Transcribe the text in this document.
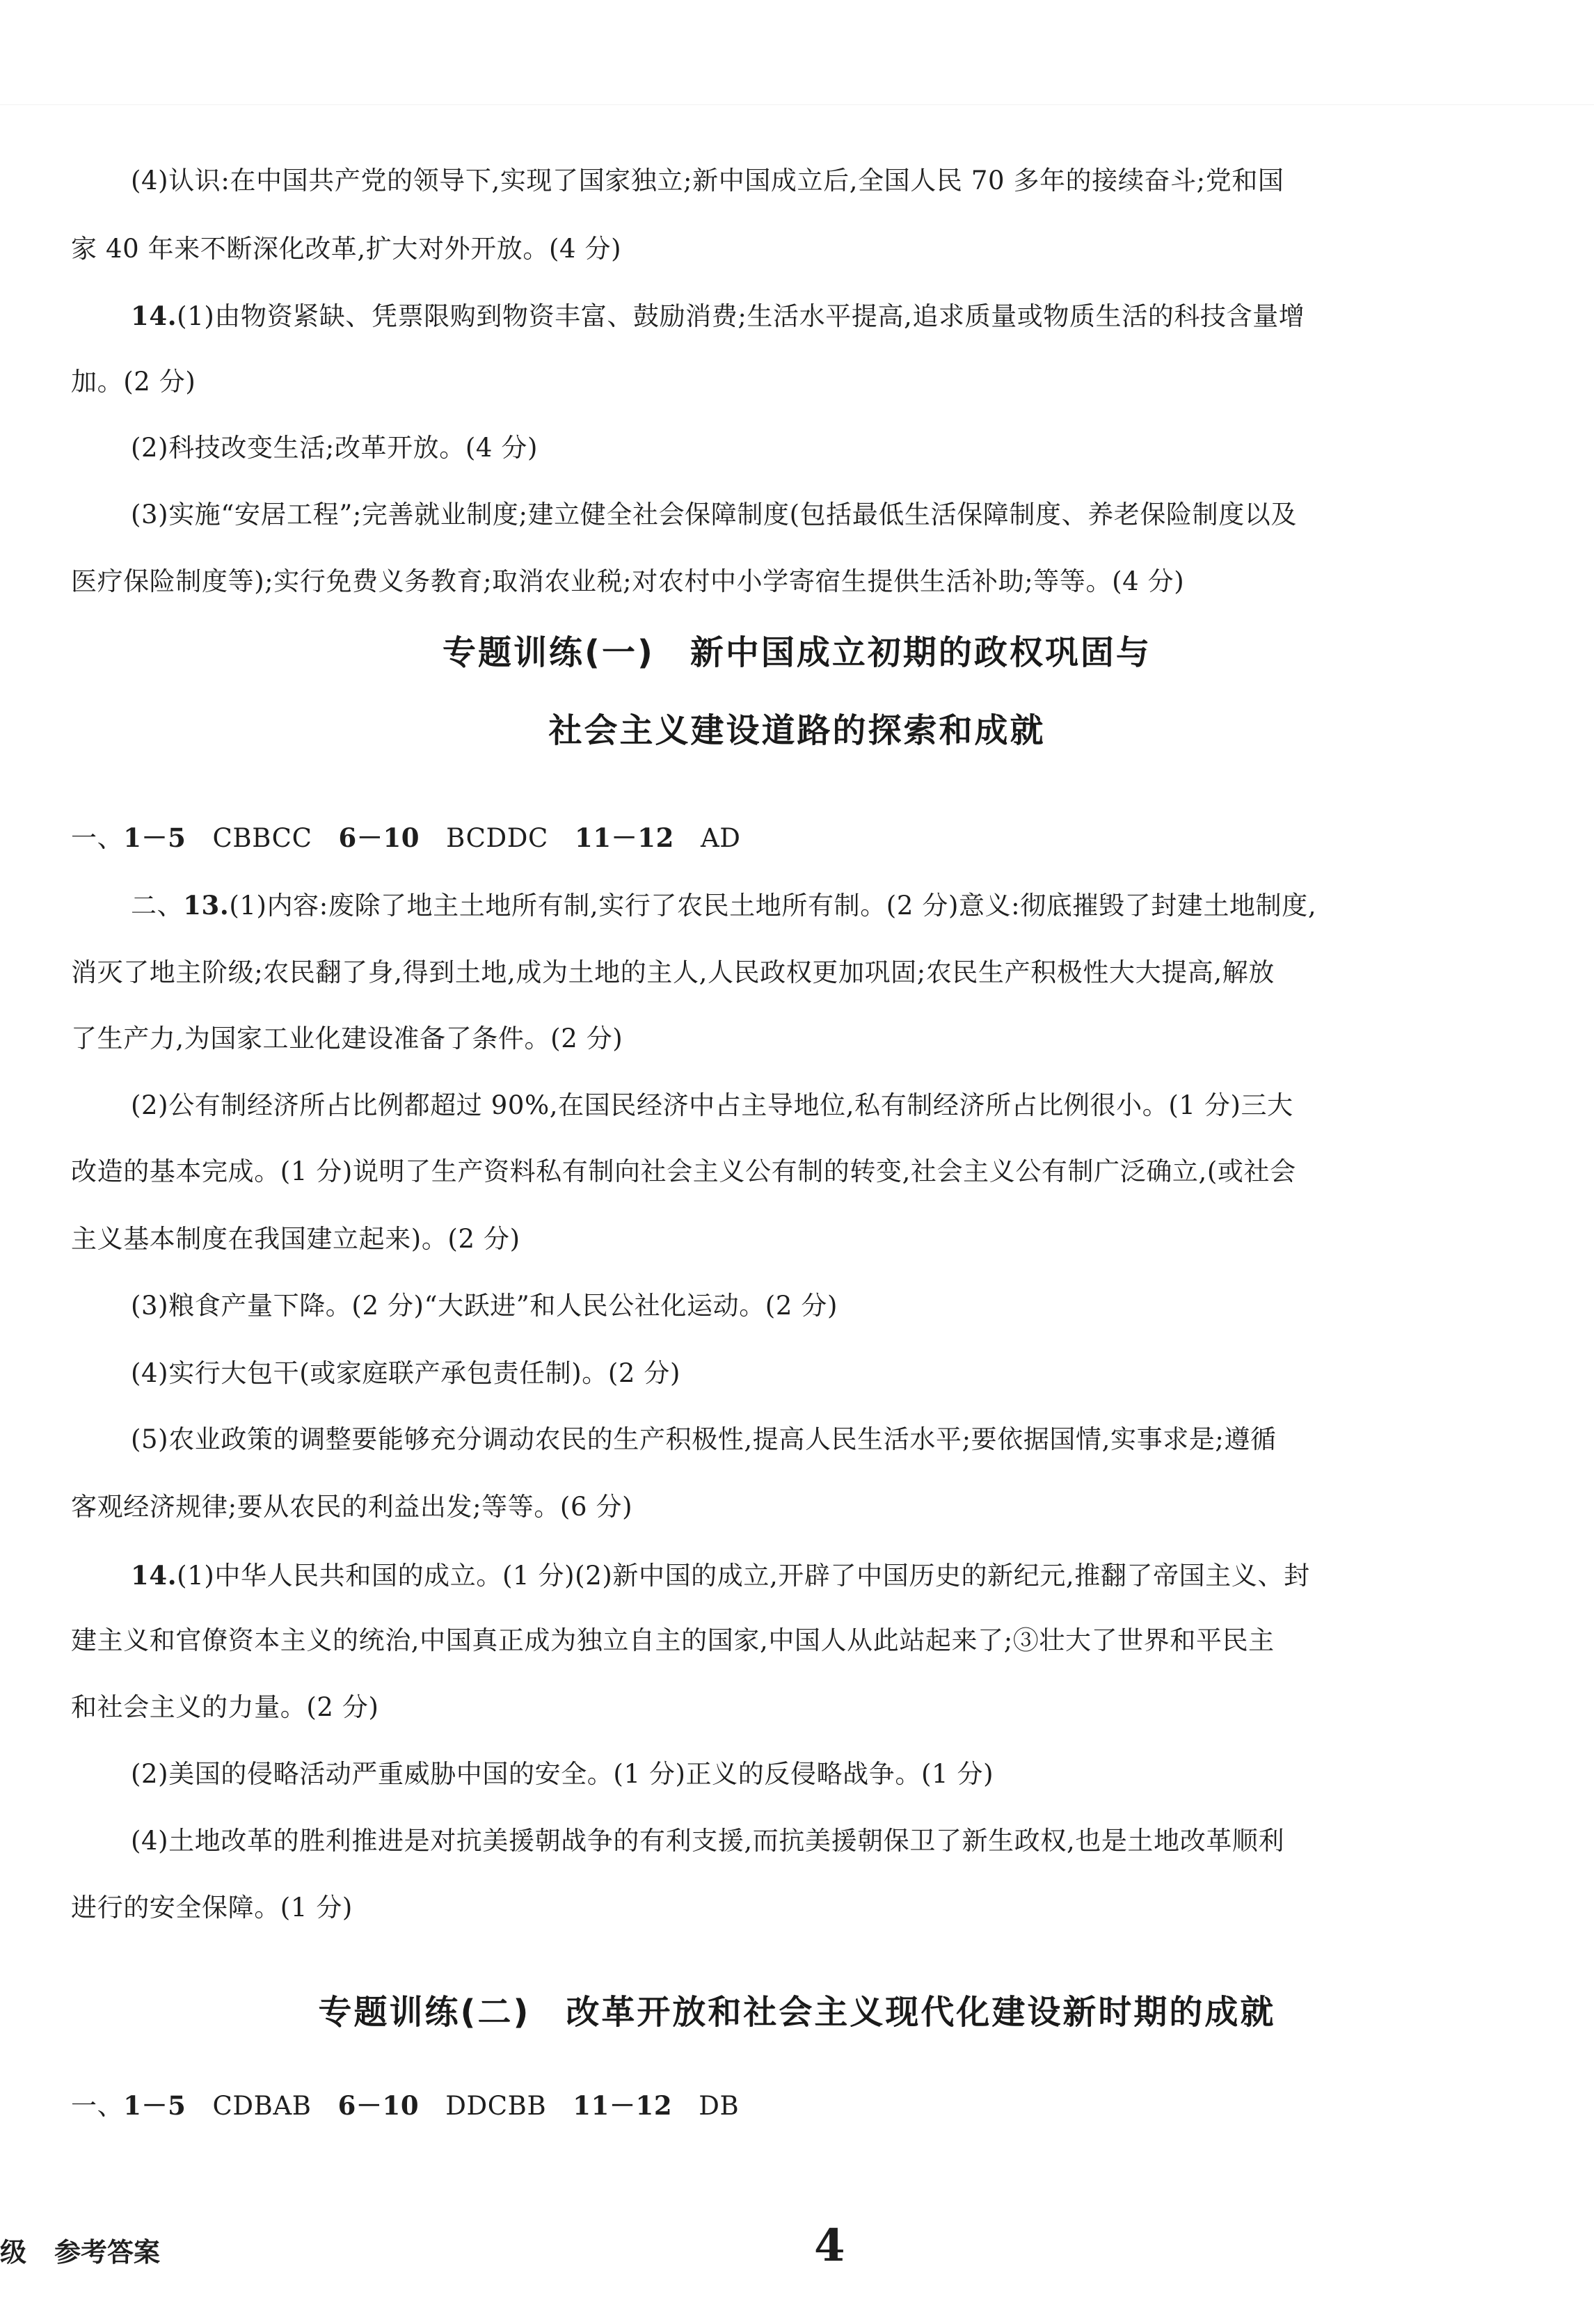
(4)认识:在中国共产党的领导下,实现了国家独立;新中国成立后,全国人民 70 多年的接续奋斗;党和国
家 40 年来不断深化改革,扩大对外开放。(4 分)
14.(1)由物资紧缺、凭票限购到物资丰富、鼓励消费;生活水平提高,追求质量或物质生活的科技含量增
加。(2 分)
(2)科技改变生活;改革开放。(4 分)
(3)实施“安居工程”;完善就业制度;建立健全社会保障制度(包括最低生活保障制度、养老保险制度以及
医疗保险制度等);实行免费义务教育;取消农业税;对农村中小学寄宿生提供生活补助;等等。(4 分)
专题训练(一)　新中国成立初期的政权巩固与
社会主义建设道路的探索和成就
一、1－5 CBBCC 6－10 BCDDC 11－12 AD
二、13.(1)内容:废除了地主土地所有制,实行了农民土地所有制。(2 分)意义:彻底摧毁了封建土地制度,
消灭了地主阶级;农民翻了身,得到土地,成为土地的主人,人民政权更加巩固;农民生产积极性大大提高,解放
了生产力,为国家工业化建设准备了条件。(2 分)
(2)公有制经济所占比例都超过 90%,在国民经济中占主导地位,私有制经济所占比例很小。(1 分)三大
改造的基本完成。(1 分)说明了生产资料私有制向社会主义公有制的转变,社会主义公有制广泛确立,(或社会
主义基本制度在我国建立起来)。(2 分)
(3)粮食产量下降。(2 分)“大跃进”和人民公社化运动。(2 分)
(4)实行大包干(或家庭联产承包责任制)。(2 分)
(5)农业政策的调整要能够充分调动农民的生产积极性,提高人民生活水平;要依据国情,实事求是;遵循
客观经济规律;要从农民的利益出发;等等。(6 分)
14.(1)中华人民共和国的成立。(1 分)(2)新中国的成立,开辟了中国历史的新纪元,推翻了帝国主义、封
建主义和官僚资本主义的统治,中国真正成为独立自主的国家,中国人从此站起来了;③壮大了世界和平民主
和社会主义的力量。(2 分)
(2)美国的侵略活动严重威胁中国的安全。(1 分)正义的反侵略战争。(1 分)
(4)土地改革的胜利推进是对抗美援朝战争的有利支援,而抗美援朝保卫了新生政权,也是土地改革顺利
进行的安全保障。(1 分)
专题训练(二)　改革开放和社会主义现代化建设新时期的成就
一、1－5 CDBAB 6－10 DDCBB 11－12 DB
级 参考答案	4
